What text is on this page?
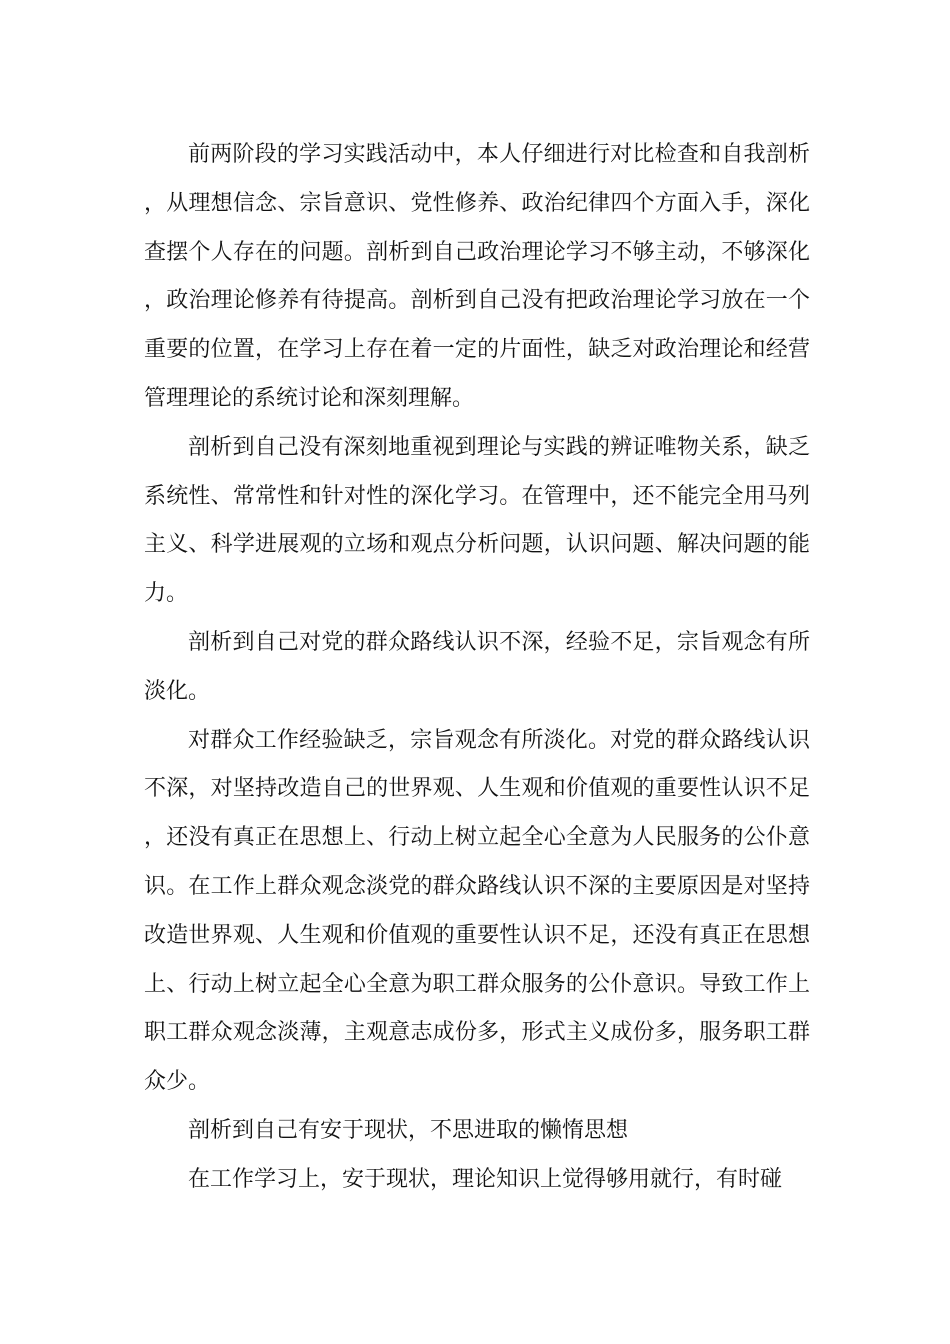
前两阶段的学习实践活动中，本人仔细进行对比检查和自我剖析，从理想信念、宗旨意识、党性修养、政治纪律四个方面入手，深化查摆个人存在的问题。剖析到自己政治理论学习不够主动，不够深化，政治理论修养有待提高。剖析到自己没有把政治理论学习放在一个重要的位置，在学习上存在着一定的片面性，缺乏对政治理论和经营管理理论的系统讨论和深刻理解。

剖析到自己没有深刻地重视到理论与实践的辨证唯物关系，缺乏系统性、常常性和针对性的深化学习。在管理中，还不能完全用马列主义、科学进展观的立场和观点分析问题，认识问题、解决问题的能力。

剖析到自己对党的群众路线认识不深，经验不足，宗旨观念有所淡化。

对群众工作经验缺乏，宗旨观念有所淡化。对党的群众路线认识不深，对坚持改造自己的世界观、人生观和价值观的重要性认识不足，还没有真正在思想上、行动上树立起全心全意为人民服务的公仆意识。在工作上群众观念淡党的群众路线认识不深的主要原因是对坚持改造世界观、人生观和价值观的重要性认识不足，还没有真正在思想上、行动上树立起全心全意为职工群众服务的公仆意识。导致工作上职工群众观念淡薄，主观意志成份多，形式主义成份多，服务职工群众少。

剖析到自己有安于现状，不思进取的懒惰思想

在工作学习上，安于现状，理论知识上觉得够用就行，有时碰
